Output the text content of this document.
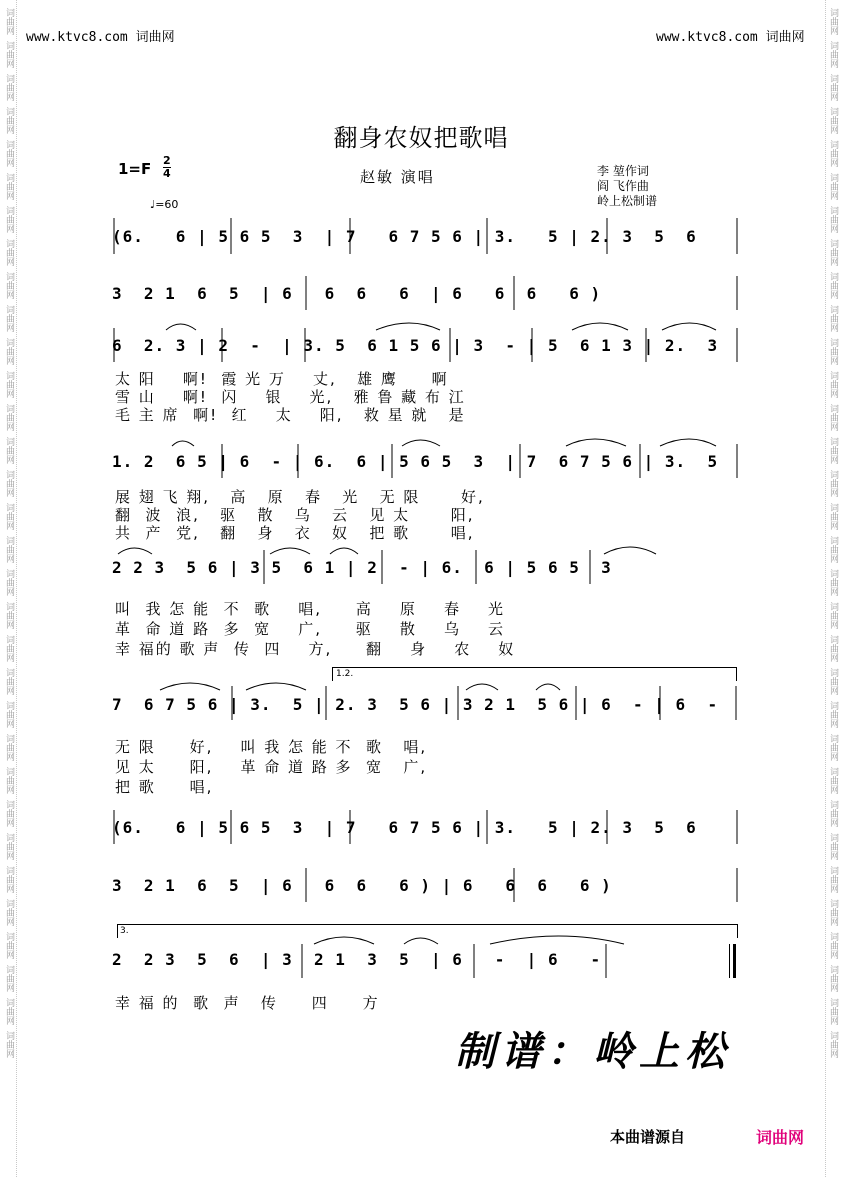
词曲网
词曲网
词曲网
词曲网
词曲网
词曲网
词曲网
词曲网
词曲网
词曲网
词曲网
词曲网
词曲网
词曲网
词曲网
词曲网
词曲网
词曲网
词曲网
词曲网
词曲网
词曲网
词曲网
词曲网
词曲网
词曲网
词曲网
词曲网
词曲网
词曲网
词曲网
词曲网
词曲网
词曲网
词曲网
词曲网
词曲网
词曲网
词曲网
词曲网
词曲网
词曲网
词曲网
词曲网
词曲网
词曲网
词曲网
词曲网
词曲网
词曲网
词曲网
词曲网
词曲网
词曲网
词曲网
词曲网
词曲网
词曲网
词曲网
词曲网
词曲网
词曲网
词曲网
词曲网
www.ktvc8.com 词曲网	www.ktvc8.com 词曲网
翻身农奴把歌唱
1=F 2
4
♩=60
赵敏 演唱	李 堃作词
阎 飞作曲
岭上松制谱
(6.   6 | 5 6 5  3  | 7   6 7 5 6 | 3.   5 | 2. 3  5  6
3  2 1  6  5  | 6   6  6   6  | 6   6  6   6 )
6  2. 3 | 2  -  | 3. 5  6 1 5 6 | 3  - | 5  6 1 3 | 2.  3
太 阳    啊!  霞 光 万    丈,   雄 鹰     啊
雪 山    啊!  闪    银    光,   雅 鲁 藏 布 江
毛 主 席  啊!  红    太    阳,   救 星 就   是
1. 2  6 5 | 6  - | 6.  6 | 5 6 5  3  | 7  6 7 5 6 | 3.  5
展 翅 飞 翔,   高   原   春   光   无 限      好,
翻  波  浪,   驱   散   乌   云   见 太      阳,
共  产  党,   翻   身   衣   奴   把 歌      唱,
2 2 3  5 6 | 3 5  6 1 | 2  - | 6.  6 | 5 6 5  3
叫  我 怎 能  不  歌    唱,     高    原    春    光
革  命 道 路  多  宽    广,     驱    散    乌    云
幸 福的 歌 声  传  四    方,     翻    身    农    奴
1.2.
7  6 7 5 6 | 3.  5 | 2. 3  5 6 | 3 2 1  5 6 | 6  - | 6  -
无 限     好,    叫 我 怎 能 不  歌   唱,
见 太     阳,    革 命 道 路 多  宽   广,
把 歌     唱,
(6.   6 | 5 6 5  3  | 7   6 7 5 6 | 3.   5 | 2. 3  5  6
3  2 1  6  5  | 6   6  6   6 ) | 6   6  6   6 )
3.
2  2 3  5  6  | 3  2 1  3  5  | 6   -  | 6   -
幸 福 的  歌  声   传     四     方
制谱：岭上松
本曲谱源自	词曲网
